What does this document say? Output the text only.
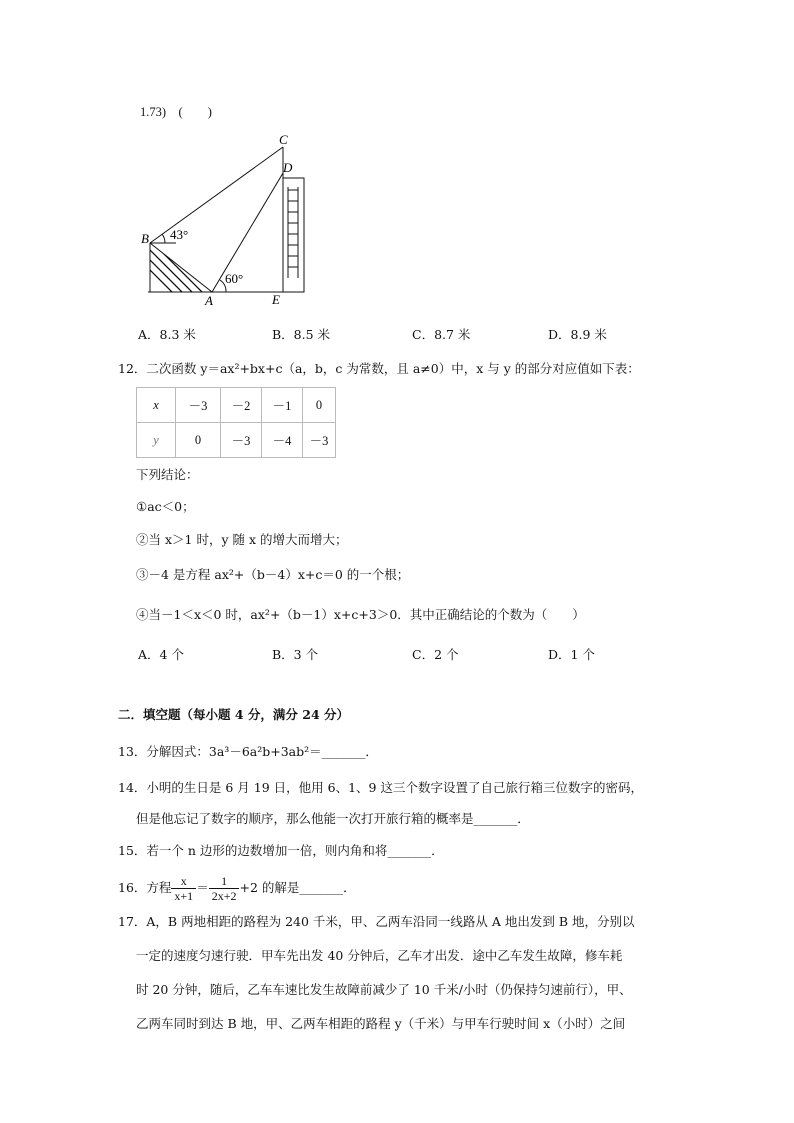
1.73)　(　　)
C
D
B 43°
A
60°
E
A．8.3 米	B．8.5 米	C．8.7 米	D．8.9 米
12．二次函数 y＝ax²+bx+c（a，b，c 为常数，且 a≠0）中，x 与 y 的部分对应值如下表：
x	－3	－2	－1	0
y	0	－3	－4	－3
下列结论：
①ac＜0；
②当 x＞1 时，y 随 x 的增大而增大；
③－4 是方程 ax²+（b－4）x+c＝0 的一个根；
④当－1＜x＜0 时，ax²+（b－1）x+c+3＞0．其中正确结论的个数为（　　）
A．4 个	B．3 个	C．2 个	D．1 个
二．填空题（每小题 4 分，满分 24 分）
13．分解因式：3a³－6a²b+3ab²＝_______．
14．小明的生日是 6 月 19 日，他用 6、1、9 这三个数字设置了自己旅行箱三位数字的密码，
但是他忘记了数字的顺序，那么他能一次打开旅行箱的概率是_______．
15．若一个 n 边形的边数增加一倍，则内角和将_______．
16．方程 $\frac{x}{x+1} = \frac{1}{2x+2} +2$ 的解是_______．
17．A，B 两地相距的路程为 240 千米，甲、乙两车沿同一线路从 A 地出发到 B 地，分别以
一定的速度匀速行驶．甲车先出发 40 分钟后，乙车才出发．途中乙车发生故障，修车耗
时 20 分钟，随后，乙车车速比发生故障前减少了 10 千米/小时（仍保持匀速前行），甲、
乙两车同时到达 B 地，甲、乙两车相距的路程 y（千米）与甲车行驶时间 x（小时）之间
